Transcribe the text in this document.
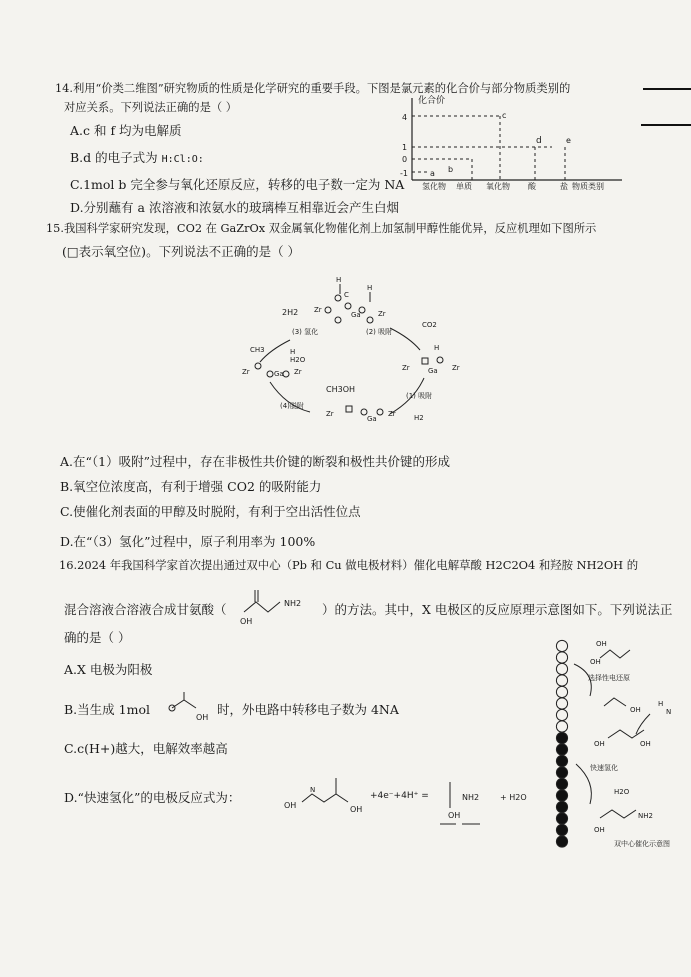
14.利用“价类二维图”研究物质的性质是化学研究的重要手段。下图是氯元素的化合价与部分物质类别的
对应关系。下列说法正确的是（ ）
A.c 和 f 均为电解质
B.d 的电子式为 H:Cl:O:
C.1mol b 完全参与氧化还原反应，转移的电子数一定为 NA
D.分别蘸有 a 浓溶液和浓氨水的玻璃棒互相靠近会产生白烟
化合价
4
1
0
-1
c
d
b
a
e
氢化物 单质 氧化物 酸	盐 物质类别
15.我国科学家研究发现，CO2 在 GaZrOx 双金属氧化物催化剂上加氢制甲醇性能优异，反应机理如下图所示
(□表示氧空位)。下列说法不正确的是（ ）
2H2
H
H
C
Zr
Ga Zr
(3) 氢化	(2) 吸附
CO2
CH3	H
H2O
Zr	Ga Zr
H
Zr	Ga Zr
CH3OH
(4)脱附
(1) 吸附
H2
Zr
Ga
Zr
A.在“（1）吸附”过程中，存在非极性共价键的断裂和极性共价键的形成
B.氧空位浓度高，有利于增强 CO2 的吸附能力
C.使催化剂表面的甲醇及时脱附，有利于空出活性位点
D.在“（3）氢化”过程中，原子利用率为 100%
16.2024 年我国科学家首次提出通过双中心（Pb 和 Cu 做电极材料）催化电解草酸 H2C2O4 和羟胺 NH2OH 的
混合溶液合溶液合成甘氨酸（	NH2
OH
）的方法。其中，X 电极区的反应原理示意图如下。下列说法正
确的是（ ）
A.X 电极为阳极
B.当生成 1mol
OH
时，外电路中转移电子数为 4NA
C.c(H+)越大，电解效率越高
D.“快速氢化”的电极反应式为：
OH
N
OH
+4e⁻+4H⁺ =	NH2
OH
+ H2O
OH
OH
选择性电还原
OH
H
N
OH	OH
快速氢化
H2O
NH2
OH
双中心催化示意图
